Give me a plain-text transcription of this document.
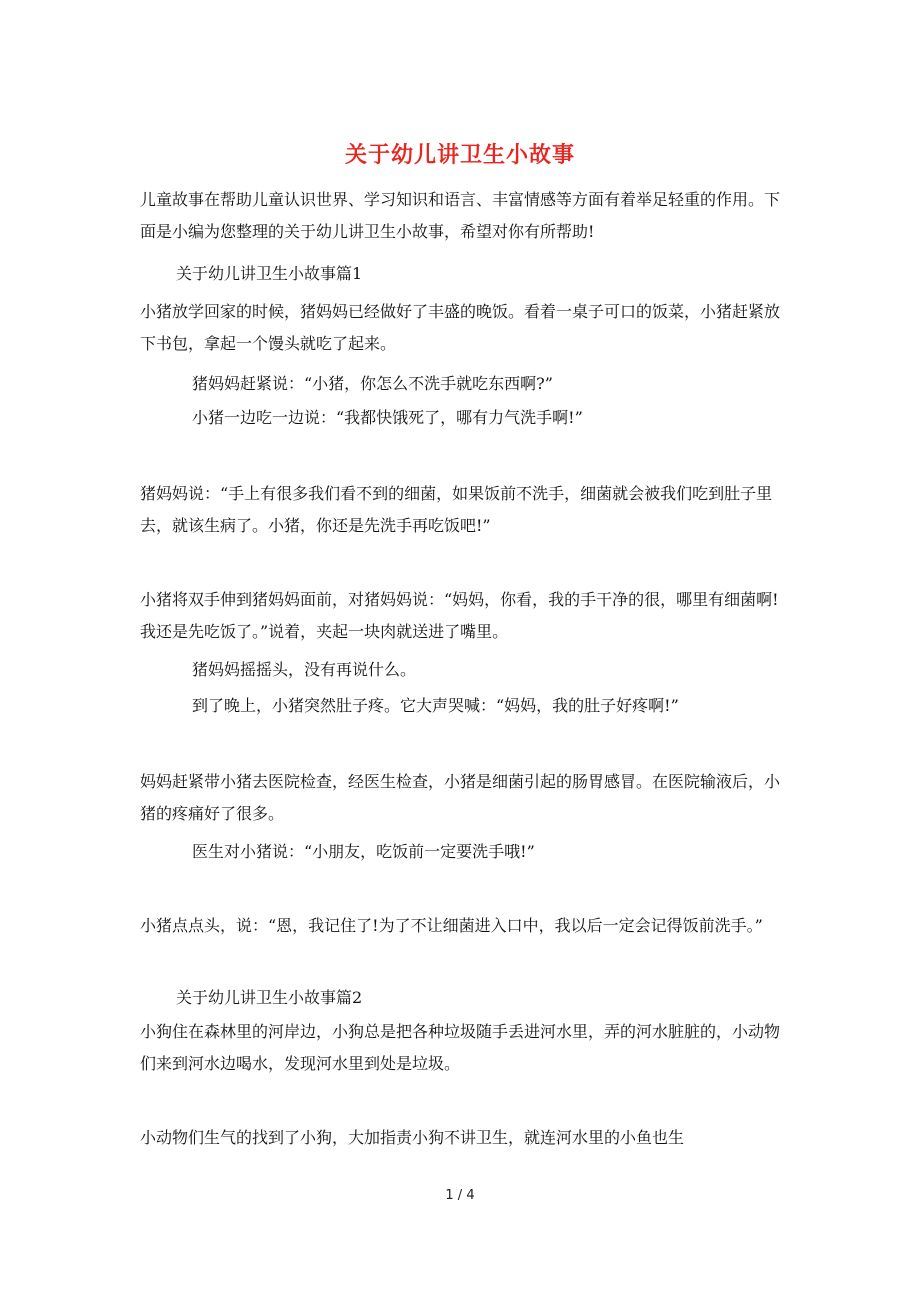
关于幼儿讲卫生小故事
儿童故事在帮助儿童认识世界、学习知识和语言、丰富情感等方面有着举足轻重的作用。下面是小编为您整理的关于幼儿讲卫生小故事，希望对你有所帮助!
关于幼儿讲卫生小故事篇1
小猪放学回家的时候，猪妈妈已经做好了丰盛的晚饭。看着一桌子可口的饭菜，小猪赶紧放下书包，拿起一个馒头就吃了起来。
猪妈妈赶紧说：“小猪，你怎么不洗手就吃东西啊?”
小猪一边吃一边说：“我都快饿死了，哪有力气洗手啊!”
猪妈妈说：“手上有很多我们看不到的细菌，如果饭前不洗手，细菌就会被我们吃到肚子里去，就该生病了。小猪，你还是先洗手再吃饭吧!”
小猪将双手伸到猪妈妈面前，对猪妈妈说：“妈妈，你看，我的手干净的很，哪里有细菌啊!我还是先吃饭了。”说着，夹起一块肉就送进了嘴里。
猪妈妈摇摇头，没有再说什么。
到了晚上，小猪突然肚子疼。它大声哭喊：“妈妈，我的肚子好疼啊!”
妈妈赶紧带小猪去医院检查，经医生检查，小猪是细菌引起的肠胃感冒。在医院输液后，小猪的疼痛好了很多。
医生对小猪说：“小朋友，吃饭前一定要洗手哦!”
小猪点点头，说：“恩，我记住了!为了不让细菌进入口中，我以后一定会记得饭前洗手。”
关于幼儿讲卫生小故事篇2
小狗住在森林里的河岸边，小狗总是把各种垃圾随手丢进河水里，弄的河水脏脏的，小动物们来到河水边喝水，发现河水里到处是垃圾。
小动物们生气的找到了小狗，大加指责小狗不讲卫生，就连河水里的小鱼也生
1 / 4
